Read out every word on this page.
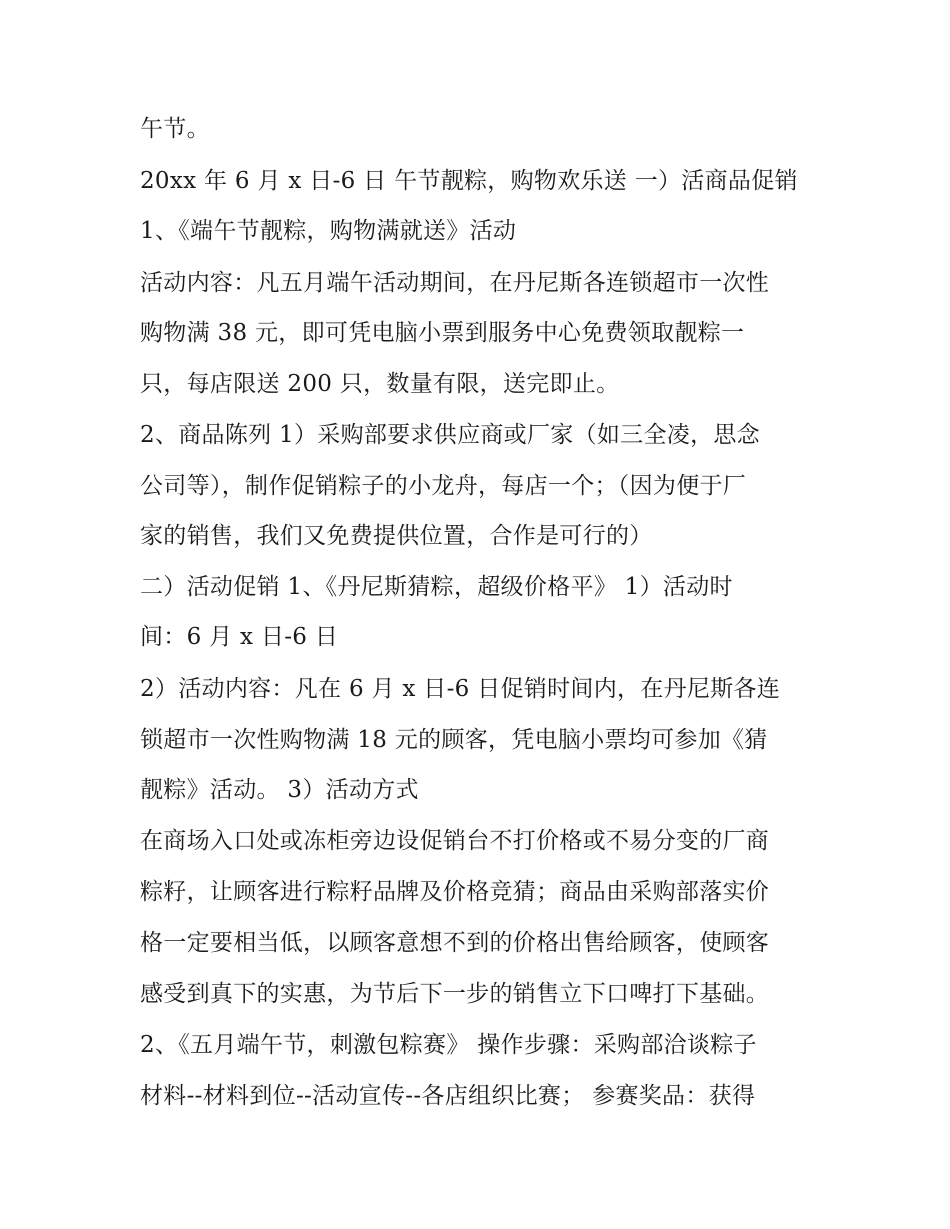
午节。

20xx 年 6 月 x 日-6 日 午节靓粽，购物欢乐送 一）活商品促销

1、《端午节靓粽，购物满就送》活动

活动内容：凡五月端午活动期间，在丹尼斯各连锁超市一次性

购物满 38 元，即可凭电脑小票到服务中心免费领取靓粽一

只，每店限送 200 只，数量有限，送完即止。

2、商品陈列 1）采购部要求供应商或厂家（如三全凌，思念

公司等），制作促销粽子的小龙舟，每店一个；（因为便于厂

家的销售，我们又免费提供位置，合作是可行的）

二）活动促销 1、《丹尼斯猜粽，超级价格平》 1）活动时

间：6 月 x 日-6 日

2）活动内容：凡在 6 月 x 日-6 日促销时间内，在丹尼斯各连

锁超市一次性购物满 18 元的顾客，凭电脑小票均可参加《猜

靓粽》活动。 3）活动方式

在商场入口处或冻柜旁边设促销台不打价格或不易分变的厂商

粽籽，让顾客进行粽籽品牌及价格竞猜；商品由采购部落实价

格一定要相当低，以顾客意想不到的价格出售给顾客，使顾客

感受到真下的实惠，为节后下一步的销售立下口啤打下基础。

2、《五月端午节，刺激包粽赛》 操作步骤：采购部洽谈粽子

材料--材料到位--活动宣传--各店组织比赛； 参赛奖品：获得
